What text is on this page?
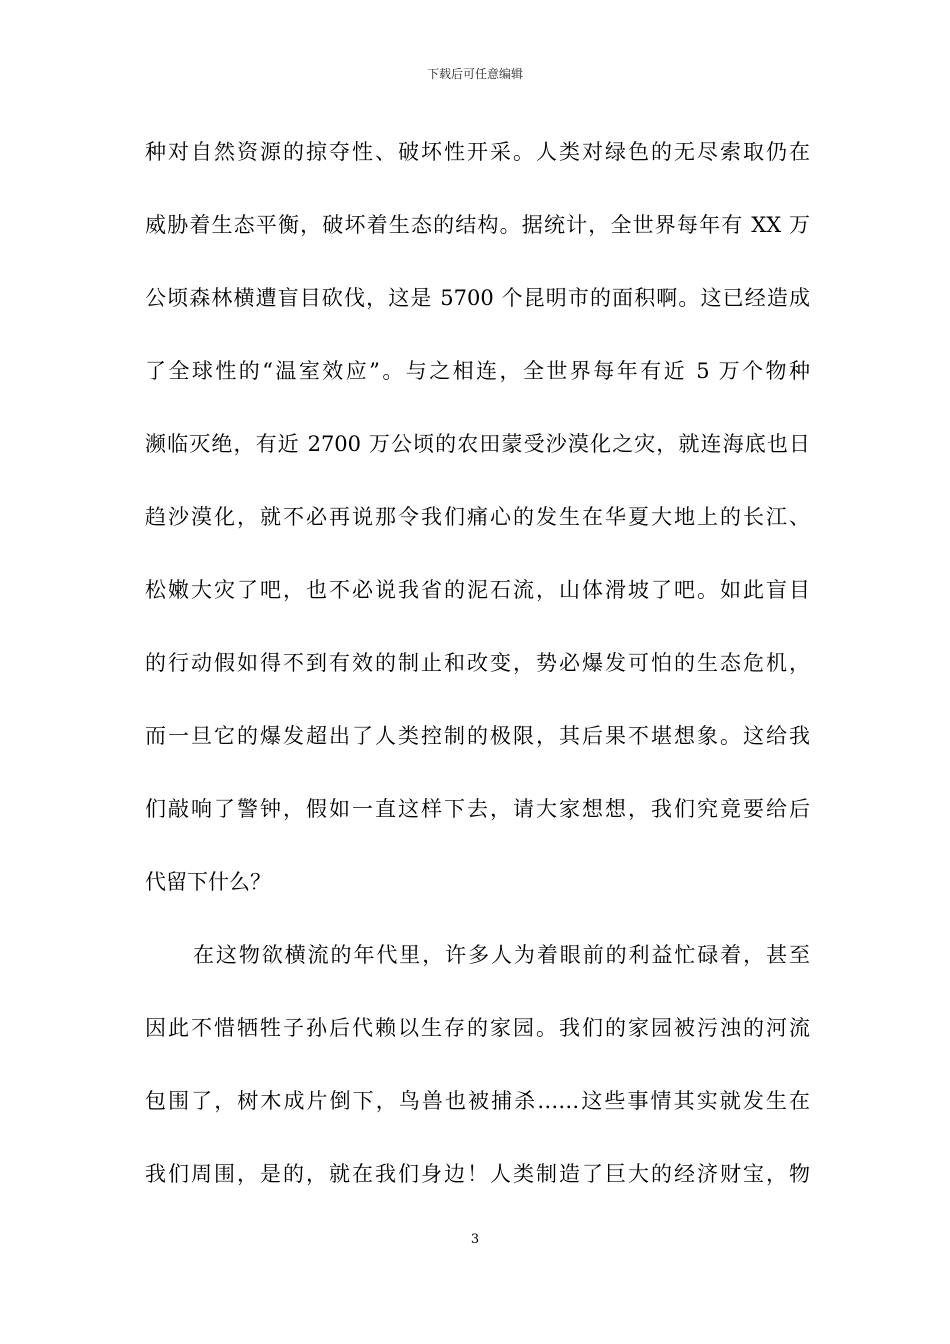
下载后可任意编辑
种对自然资源的掠夺性、破坏性开采。人类对绿色的无尽索取仍在
威胁着生态平衡，破坏着生态的结构。据统计，全世界每年有 XX 万
公顷森林横遭盲目砍伐，这是 5700 个昆明市的面积啊。这已经造成
了全球性的“温室效应”。与之相连，全世界每年有近 5 万个物种
濒临灭绝，有近 2700 万公顷的农田蒙受沙漠化之灾，就连海底也日
趋沙漠化，就不必再说那令我们痛心的发生在华夏大地上的长江、
松嫩大灾了吧，也不必说我省的泥石流，山体滑坡了吧。如此盲目
的行动假如得不到有效的制止和改变，势必爆发可怕的生态危机，
而一旦它的爆发超出了人类控制的极限，其后果不堪想象。这给我
们敲响了警钟，假如一直这样下去，请大家想想，我们究竟要给后
代留下什么？
在这物欲横流的年代里，许多人为着眼前的利益忙碌着，甚至
因此不惜牺牲子孙后代赖以生存的家园。我们的家园被污浊的河流
包围了，树木成片倒下，鸟兽也被捕杀……这些事情其实就发生在
我们周围，是的，就在我们身边！人类制造了巨大的经济财宝，物
3
